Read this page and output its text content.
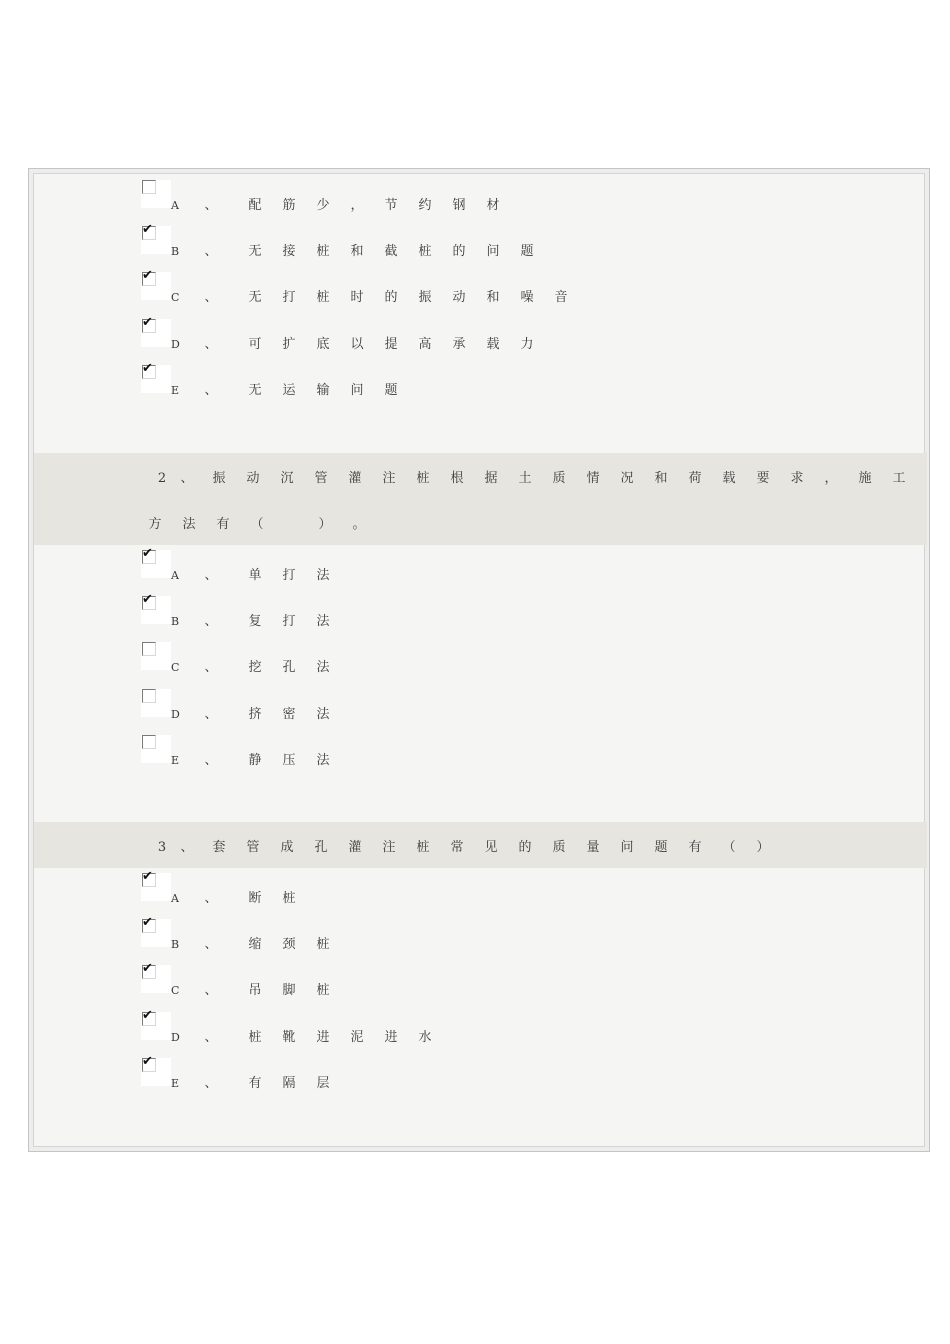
2 、	振 动 沉 管 灌 注 桩 根 据 土 质 情 况 和 荷 载 要 求 ， 施 工
方 法 有 （　	） 。
3 、	套 管 成 孔 灌 注 桩 常 见 的 质 量 问 题 有 （ ）
A 、 配 筋 少 ， 节 约 钢 材
✔
B 、 无 接 桩 和 截 桩 的 问 题
✔
C 、 无 打 桩 时 的 振 动 和 噪 音
✔
D 、 可 扩 底 以 提 高 承 载 力
✔
E 、 无 运 输 问 题
✔
A 、 单 打 法
✔
B 、 复 打 法
C 、 挖 孔 法
D 、 挤 密 法
E 、 静 压 法
✔
A 、 断 桩
✔
B 、 缩 颈 桩
✔
C 、 吊 脚 桩
✔
D 、 桩 靴 进 泥 进 水
✔
E 、 有 隔 层
